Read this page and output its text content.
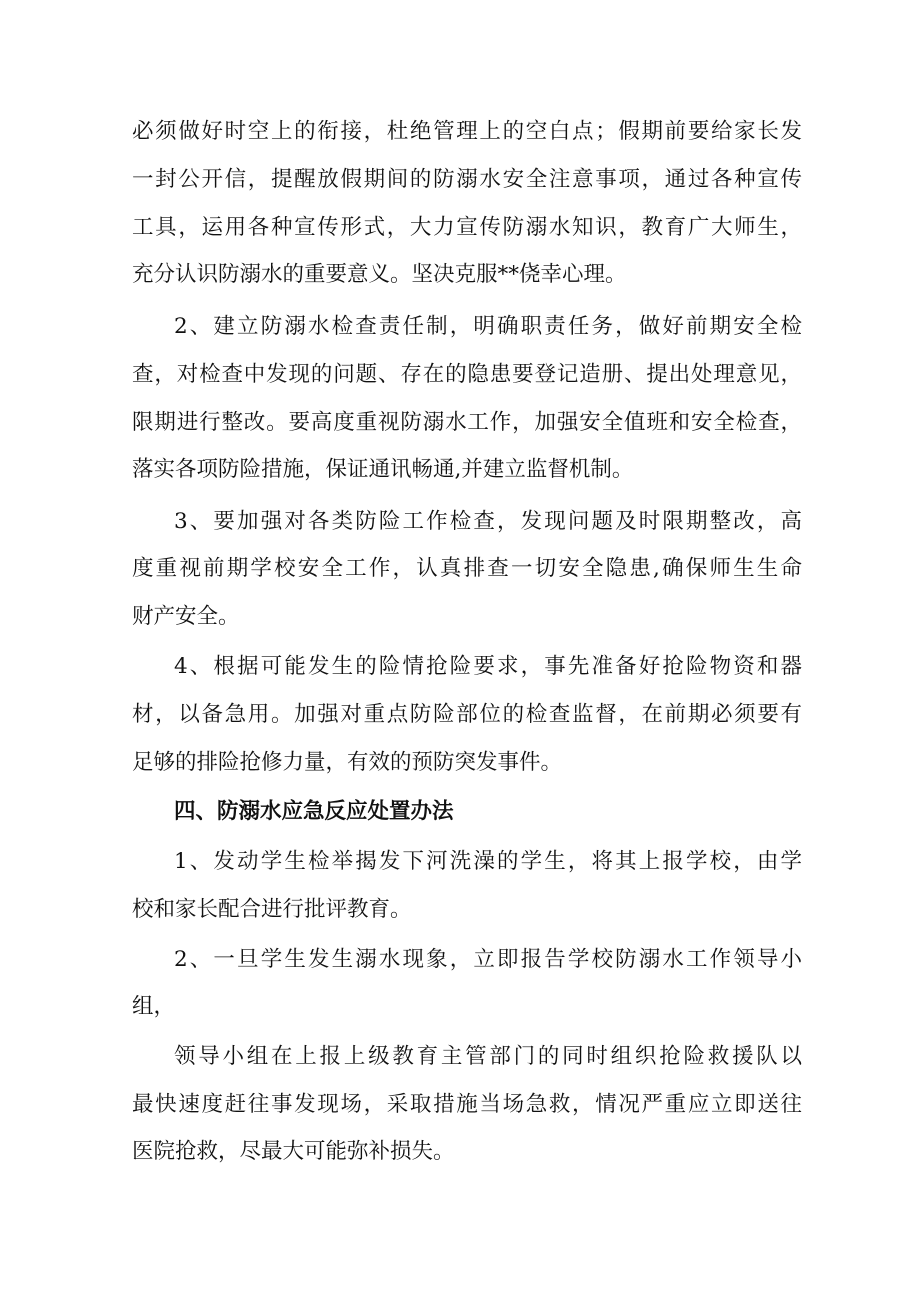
必须做好时空上的衔接，杜绝管理上的空白点；假期前要给家长发

一封公开信，提醒放假期间的防溺水安全注意事项，通过各种宣传

工具，运用各种宣传形式，大力宣传防溺水知识，教育广大师生，

充分认识防溺水的重要意义。坚决克服**侥幸心理。

2、建立防溺水检查责任制，明确职责任务，做好前期安全检

查，对检查中发现的问题、存在的隐患要登记造册、提出处理意见，

限期进行整改。要高度重视防溺水工作，加强安全值班和安全检查，

落实各项防险措施，保证通讯畅通,并建立监督机制。

3、要加强对各类防险工作检查，发现问题及时限期整改，高

度重视前期学校安全工作，认真排查一切安全隐患,确保师生生命

财产安全。

4、根据可能发生的险情抢险要求，事先准备好抢险物资和器

材，以备急用。加强对重点防险部位的检查监督，在前期必须要有

足够的排险抢修力量，有效的预防突发事件。

四、防溺水应急反应处置办法

1、发动学生检举揭发下河洗澡的学生，将其上报学校，由学

校和家长配合进行批评教育。

2、一旦学生发生溺水现象，立即报告学校防溺水工作领导小

组，

领导小组在上报上级教育主管部门的同时组织抢险救援队以

最快速度赶往事发现场，采取措施当场急救，情况严重应立即送往

医院抢救，尽最大可能弥补损失。
